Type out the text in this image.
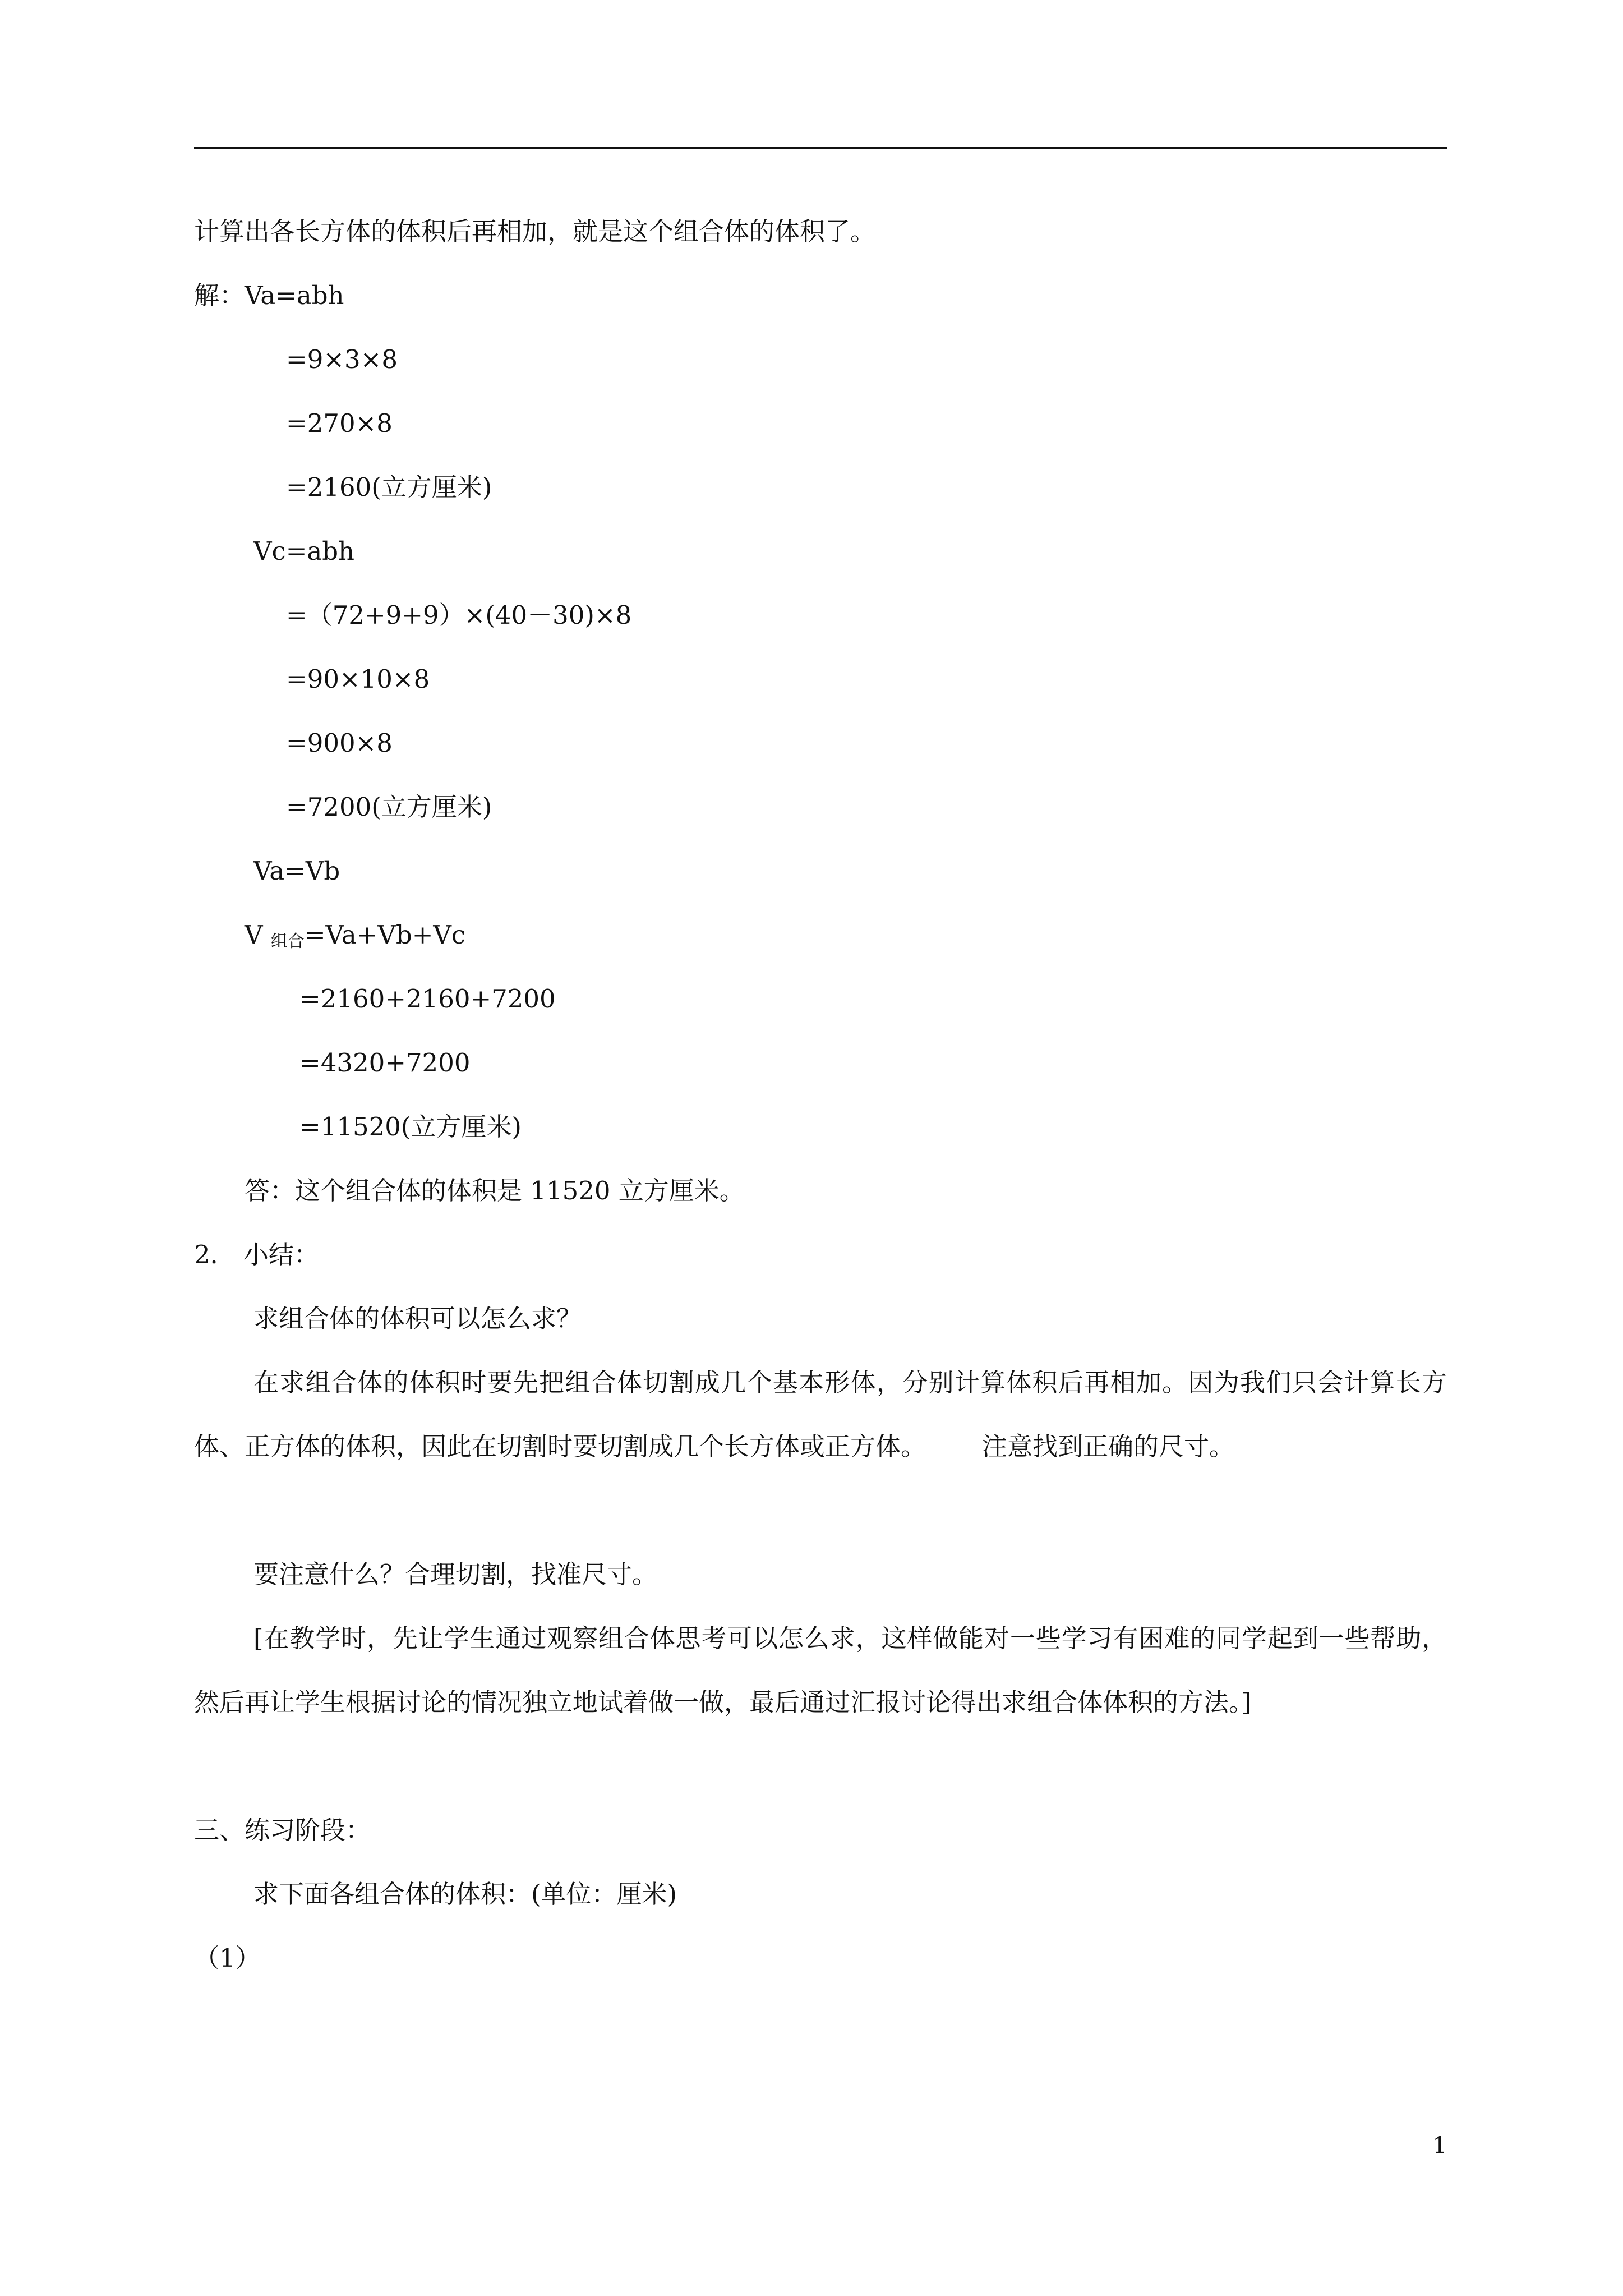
计算出各长方体的体积后再相加，就是这个组合体的体积了。
解：Va=abh
=9×3×8
=270×8
=2160(立方厘米)
Vc=abh
=（72+9+9）×(40－30)×8
=90×10×8
=900×8
=7200(立方厘米)
Va=Vb
V $_{组合}$=Va+Vb+Vc
=2160+2160+7200
=4320+7200
=11520(立方厘米)
答：这个组合体的体积是 11520 立方厘米。
2． 小结：
求组合体的体积可以怎么求？
在求组合体的体积时要先把组合体切割成几个基本形体，分别计算体积后再相加。因为我们只会计算长方体、正方体的体积，因此在切割时要切割成几个长方体或正方体。 注意找到正确的尺寸。
要注意什么？合理切割，找准尺寸。
[在教学时，先让学生通过观察组合体思考可以怎么求，这样做能对一些学习有困难的同学起到一些帮助，然后再让学生根据讨论的情况独立地试着做一做，最后通过汇报讨论得出求组合体体积的方法。]
三、练习阶段：
求下面各组合体的体积：(单位：厘米)
（1）
1
